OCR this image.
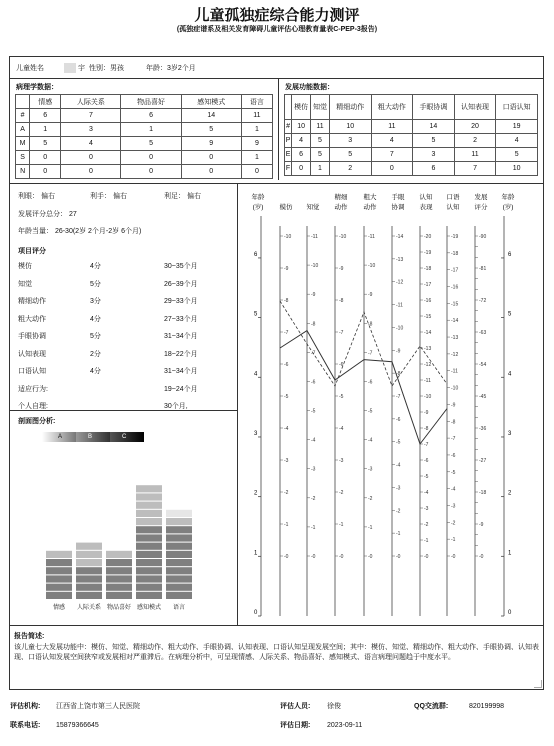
儿童孤独症综合能力测评
(孤独症谱系及相关发育障碍儿童评估心理教育量表C-PEP-3报告)
儿童姓名	宇 性别：男孩	年龄：3岁2个月
病理学数据：
	情感	人际关系	物品喜好	感知模式	语言
#	6	7	6	14	11
A	1	3	1	5	1
M	5	4	5	9	9
S	0	0	0	0	1
N	0	0	0	0	0
发展功能数据：
	模仿	知觉	精细动作	粗大动作	手眼协调	认知表现	口语认知
#	10	11	10	11	14	20	19
P	4	5	3	4	5	2	4
E	6	5	5	7	3	11	5
F	0	1	2	0	6	7	10
利眼： 偏右	利手： 偏右	利足： 偏右
发展评分总分： 27
年龄当量： 26-30(2岁 2个月-2岁 6个月)
项目评分
模仿	4分	30~35个月
知觉	5分	26~39个月
精细动作	3分	29~33个月
粗大动作	4分	27~33个月
手眼协调	5分	31~34个月
认知表现	2分	18~22个月
口语认知	4分	31~34个月
适应行为:	19~24个月
个人自理:	30个月,
剖面图分析:
A	B	C
情感 人际关系 物品喜好 感知模式 语言
年龄
(岁) 模仿 知觉
精细
动作
粗大
动作
手眼
协调
认知
表现
口语
认知
发展
评分
年龄
(岁)
0
1
2
3
4
5
6
0
1
2
3
4
5
6
-0
-1
-2
-3
-4
-5
-6
-7
-8
-9
-10
-0
-1
-2
-3
-4
-5
-6
-7
-8
-9
-10
-11
-0
-1
-2
-3
-4
-5
-6
-7
-8
-9
-10
-0
-1
-2
-3
-4
-5
-6
-7
-8
-9
-10
-11
-0
-1
-2
-3
-4
-5
-6
-7
-8
-9
-10
-11
-12
-13
-14
-0
-1
-2
-3
-4
-5
-6
-7
-8
-9
-10
-11
-12
-13
-14
-15
-16
-17
-18
-19
-20
-0
-1
-2
-3
-4
-5
-6
-7
-8
-9
-10
-11
-12
-13
-14
-15
-16
-17
-18
-19
-0
-9
-18
-27
-36
-45
-54
-63
-72
-81
-90
报告简述:
该儿童七大发展功能中：模仿、知觉、精细动作、粗大动作、手眼协调、认知表现、口语认知呈现发展空间；其中：模仿、知觉、精细动作、粗大动作、手眼协调、认知表现、口语认知发展空间狭窄或发展相对严重滞后。在病理分析中，可呈现情感、人际关系、物品喜好、感知模式、语言病理问题趋于中度水平。
评估机构: 江西省上饶市第三人民医院	评估人员: 徐俊	QQ交流群:	820199998
联系电话: 15879366645	评估日期: 2023-09-11
